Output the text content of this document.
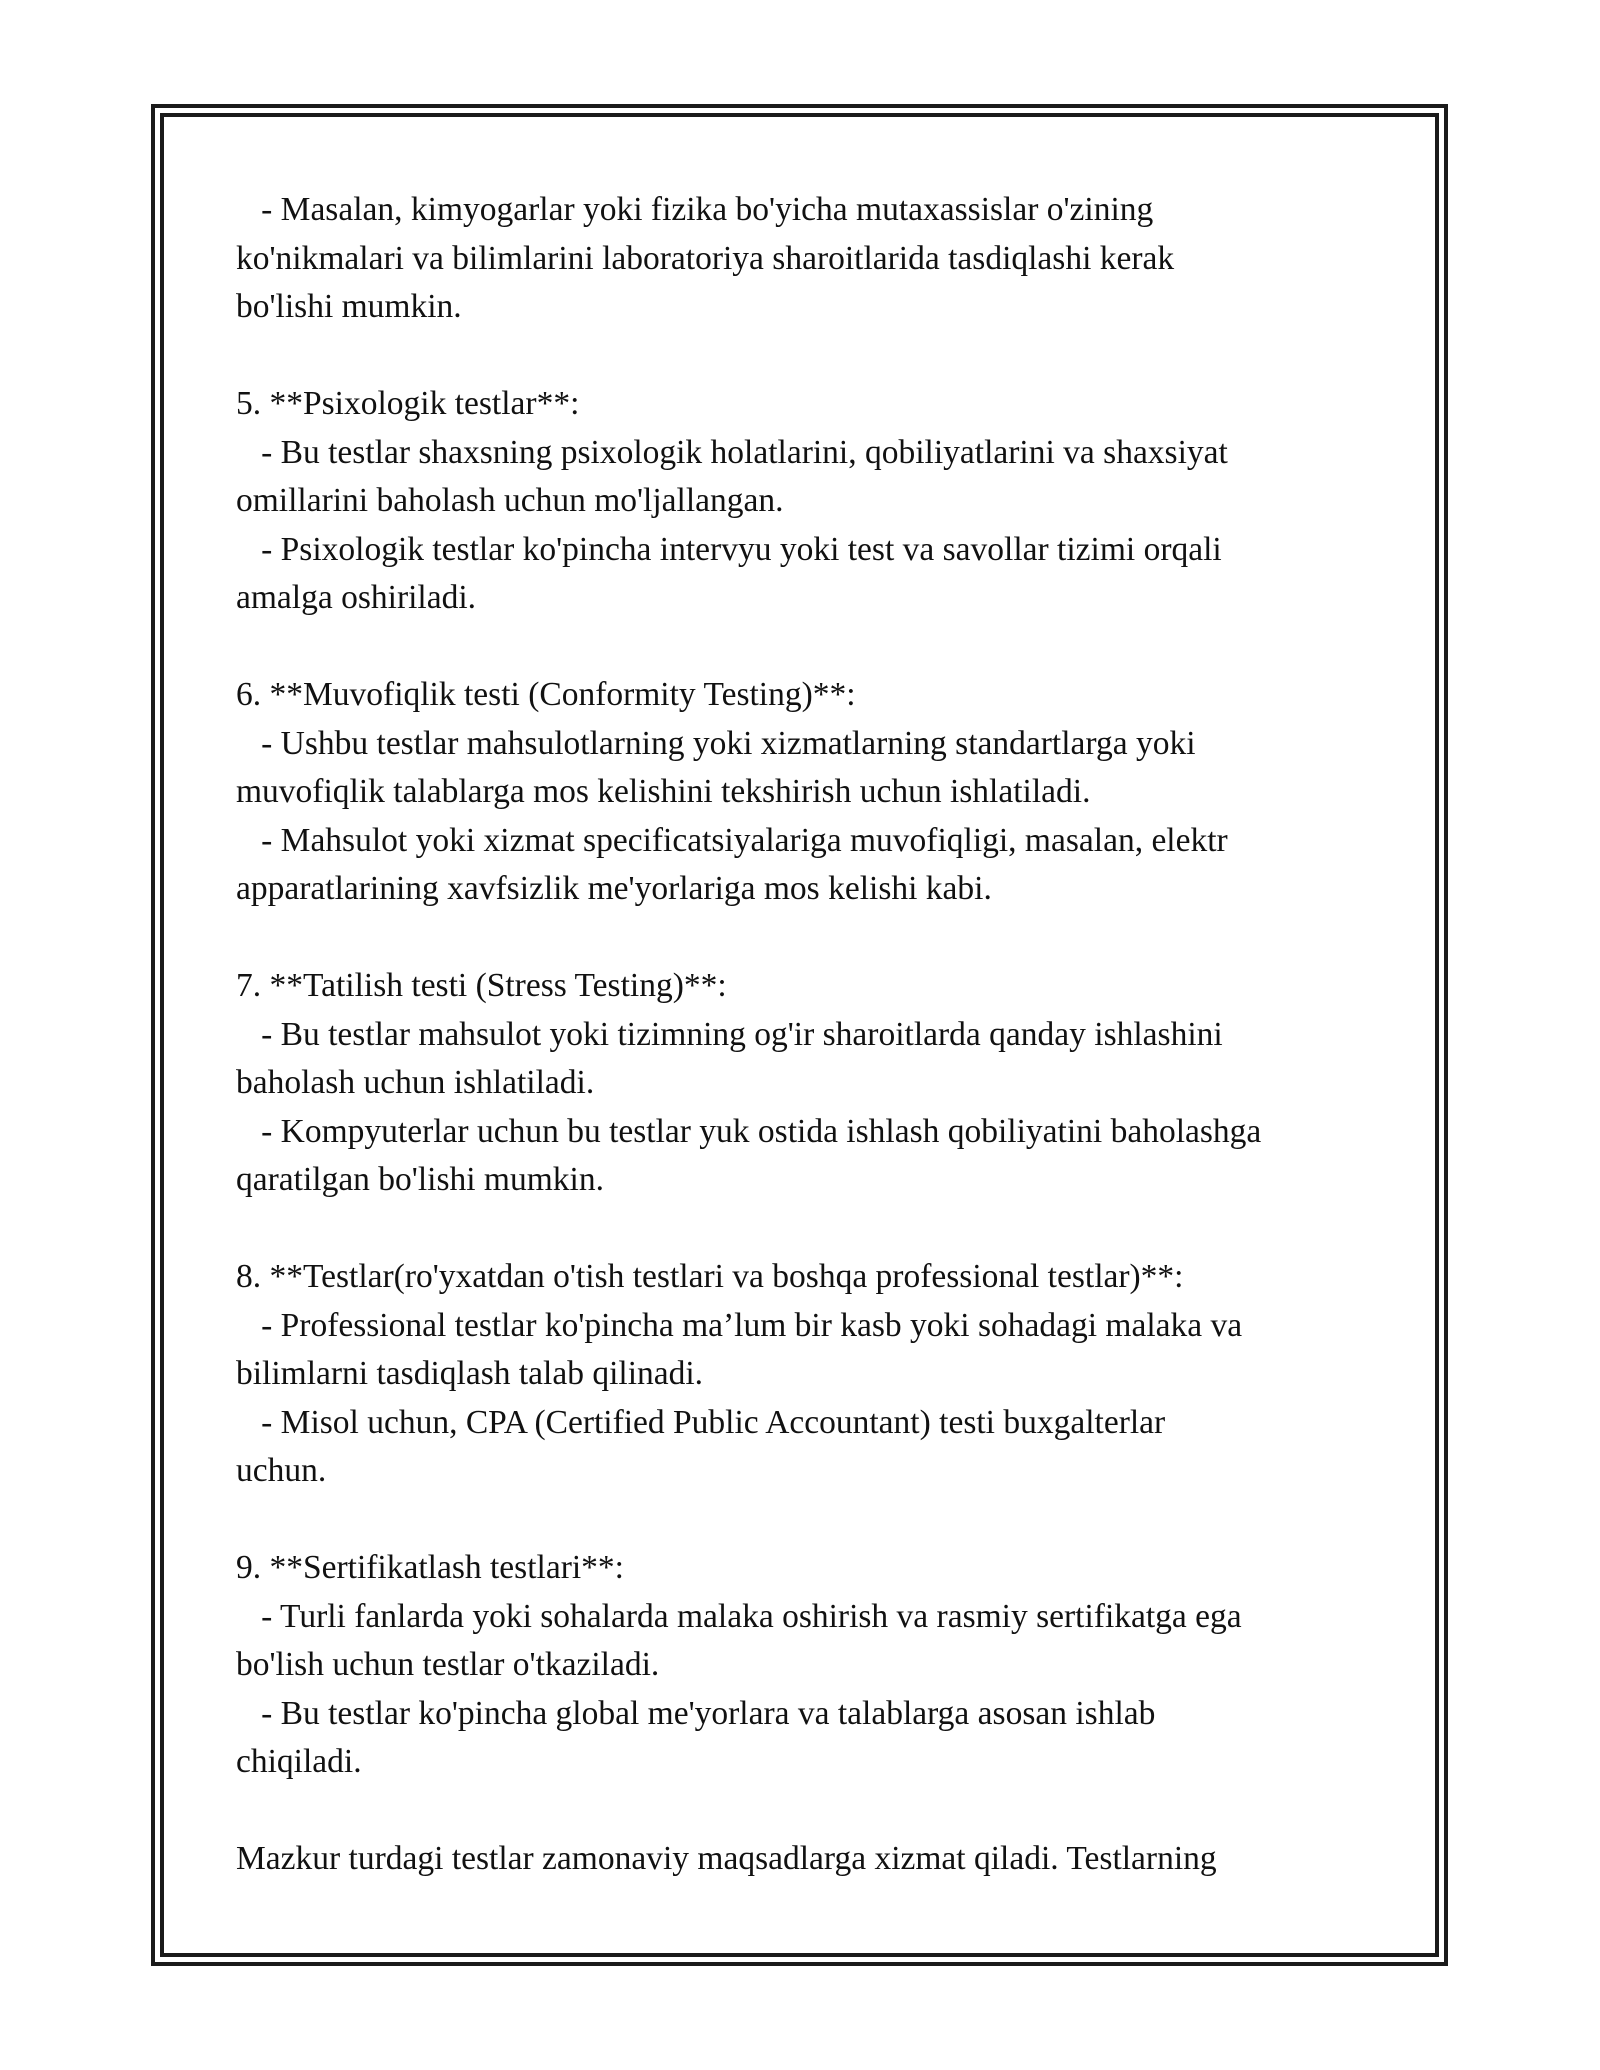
- Masalan, kimyogarlar yoki fizika bo'yicha mutaxassislar o'zining
ko'nikmalari va bilimlarini laboratoriya sharoitlarida tasdiqlashi kerak
bo'lishi mumkin.
5. **Psixologik testlar**:
- Bu testlar shaxsning psixologik holatlarini, qobiliyatlarini va shaxsiyat
omillarini baholash uchun mo'ljallangan.
- Psixologik testlar ko'pincha intervyu yoki test va savollar tizimi orqali
amalga oshiriladi.
6. **Muvofiqlik testi (Conformity Testing)**:
- Ushbu testlar mahsulotlarning yoki xizmatlarning standartlarga yoki
muvofiqlik talablarga mos kelishini tekshirish uchun ishlatiladi.
- Mahsulot yoki xizmat specificatsiyalariga muvofiqligi, masalan, elektr
apparatlarining xavfsizlik me'yorlariga mos kelishi kabi.
7. **Tatilish testi (Stress Testing)**:
- Bu testlar mahsulot yoki tizimning og'ir sharoitlarda qanday ishlashini
baholash uchun ishlatiladi.
- Kompyuterlar uchun bu testlar yuk ostida ishlash qobiliyatini baholashga
qaratilgan bo'lishi mumkin.
8. **Testlar(ro'yxatdan o'tish testlari va boshqa professional testlar)**:
- Professional testlar ko'pincha ma’lum bir kasb yoki sohadagi malaka va
bilimlarni tasdiqlash talab qilinadi.
- Misol uchun, CPA (Certified Public Accountant) testi buxgalterlar
uchun.
9. **Sertifikatlash testlari**:
- Turli fanlarda yoki sohalarda malaka oshirish va rasmiy sertifikatga ega
bo'lish uchun testlar o'tkaziladi.
- Bu testlar ko'pincha global me'yorlara va talablarga asosan ishlab
chiqiladi.
Mazkur turdagi testlar zamonaviy maqsadlarga xizmat qiladi. Testlarning
